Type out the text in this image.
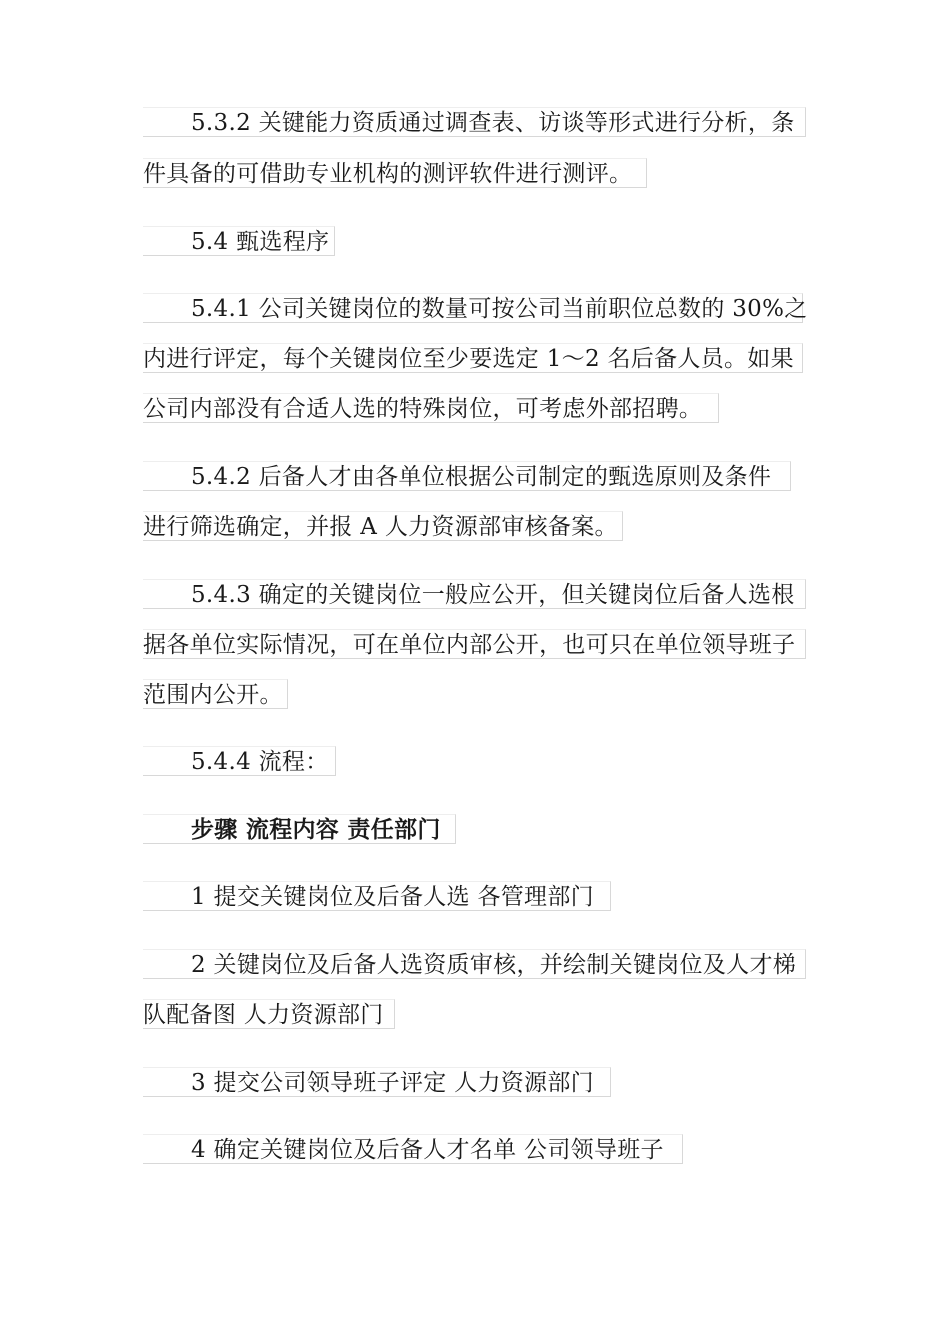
5.3.2 关键能力资质通过调查表、访谈等形式进行分析，条
件具备的可借助专业机构的测评软件进行测评。
5.4 甄选程序
5.4.1 公司关键岗位的数量可按公司当前职位总数的 30%之
内进行评定，每个关键岗位至少要选定 1～2 名后备人员。如果
公司内部没有合适人选的特殊岗位，可考虑外部招聘。
5.4.2 后备人才由各单位根据公司制定的甄选原则及条件
进行筛选确定，并报 A 人力资源部审核备案。
5.4.3 确定的关键岗位一般应公开，但关键岗位后备人选根
据各单位实际情况，可在单位内部公开，也可只在单位领导班子
范围内公开。
5.4.4 流程：
步骤 流程内容 责任部门
1 提交关键岗位及后备人选 各管理部门
2 关键岗位及后备人选资质审核，并绘制关键岗位及人才梯
队配备图 人力资源部门
3 提交公司领导班子评定 人力资源部门
4 确定关键岗位及后备人才名单 公司领导班子
